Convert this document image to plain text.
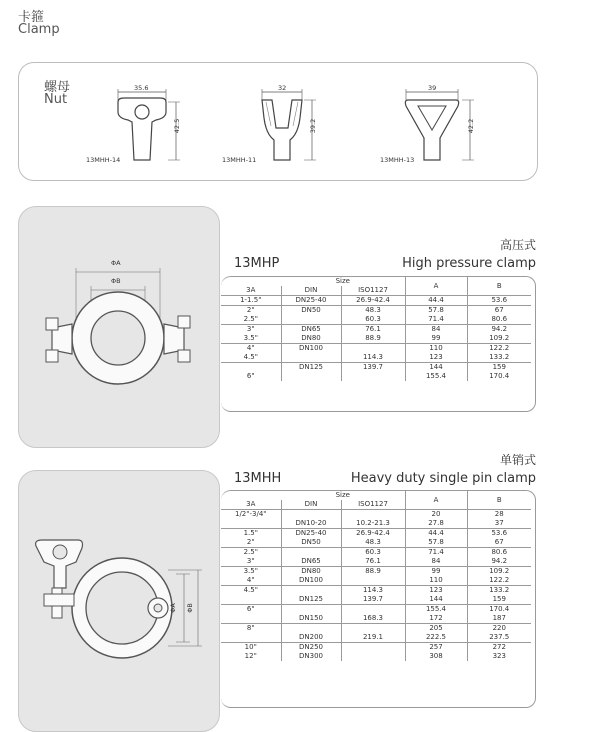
卡箍
Clamp
螺母
Nut
35.6
42.5
13MHH-14
32
39.2
13MHH-11
39
42.2
13MHH-13
ΦA
ΦB
13MHP
高压式
High pressure clamp
	Size		A	B
3A	DIN	ISO1127		
1-1.5"	DN25-40	26.9-42.4	44.4	53.6
2"	DN50	48.3	57.8	67
2.5"		60.3	71.4	80.6
3"	DN65	76.1	84	94.2
3.5"	DN80	88.9	99	109.2
4"	DN100		110	122.2
4.5"		114.3	123	133.2
	DN125	139.7	144	159
6"			155.4	170.4
ΦA ΦB
13MHH
单销式
Heavy duty single pin clamp
	Size		A	B
3A	DIN	ISO1127		
1/2"-3/4"			20	28
	DN10-20	10.2-21.3	27.8	37
1.5"	DN25-40	26.9-42.4	44.4	53.6
2"	DN50	48.3	57.8	67
2.5"		60.3	71.4	80.6
3"	DN65	76.1	84	94.2
3.5"	DN80	88.9	99	109.2
4"	DN100		110	122.2
4.5"		114.3	123	133.2
	DN125	139.7	144	159
6"			155.4	170.4
	DN150	168.3	172	187
8"			205	220
	DN200	219.1	222.5	237.5
10"	DN250		257	272
12"	DN300		308	323
